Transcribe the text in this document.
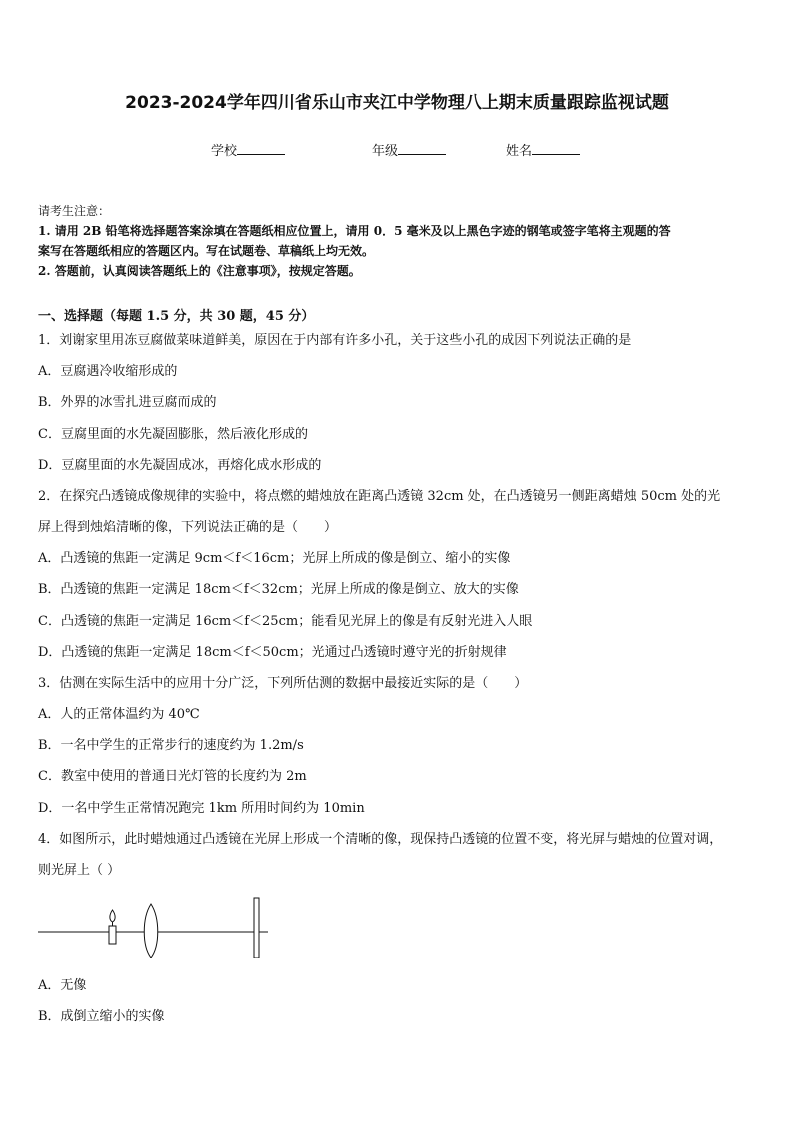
2023-2024学年四川省乐山市夹江中学物理八上期末质量跟踪监视试题
学校	年级	姓名
请考生注意：
1. 请用 2B 铅笔将选择题答案涂填在答题纸相应位置上，请用 0．5 毫米及以上黑色字迹的钢笔或签字笔将主观题的答
案写在答题纸相应的答题区内。写在试题卷、草稿纸上均无效。
2. 答题前，认真阅读答题纸上的《注意事项》，按规定答题。
一、选择题（每题 1.5 分，共 30 题，45 分）
1．刘谢家里用冻豆腐做菜味道鲜美，原因在于内部有许多小孔，关于这些小孔的成因下列说法正确的是
A．豆腐遇冷收缩形成的
B．外界的冰雪扎进豆腐而成的
C．豆腐里面的水先凝固膨胀，然后液化形成的
D．豆腐里面的水先凝固成冰，再熔化成水形成的
2．在探究凸透镜成像规律的实验中，将点燃的蜡烛放在距离凸透镜 32cm 处，在凸透镜另一侧距离蜡烛 50cm 处的光
屏上得到烛焰清晰的像，下列说法正确的是（　　）
A．凸透镜的焦距一定满足 9cm＜f＜16cm；光屏上所成的像是倒立、缩小的实像
B．凸透镜的焦距一定满足 18cm＜f＜32cm；光屏上所成的像是倒立、放大的实像
C．凸透镜的焦距一定满足 16cm＜f＜25cm；能看见光屏上的像是有反射光进入人眼
D．凸透镜的焦距一定满足 18cm＜f＜50cm；光通过凸透镜时遵守光的折射规律
3．估测在实际生活中的应用十分广泛，下列所估测的数据中最接近实际的是（　　）
A．人的正常体温约为 40℃
B．一名中学生的正常步行的速度约为 1.2m/s
C．教室中使用的普通日光灯管的长度约为 2m
D．一名中学生正常情况跑完 1km 所用时间约为 10min
4．如图所示，此时蜡烛通过凸透镜在光屏上形成一个清晰的像，现保持凸透镜的位置不变，将光屏与蜡烛的位置对调，
则光屏上（ ）
A．无像
B．成倒立缩小的实像
